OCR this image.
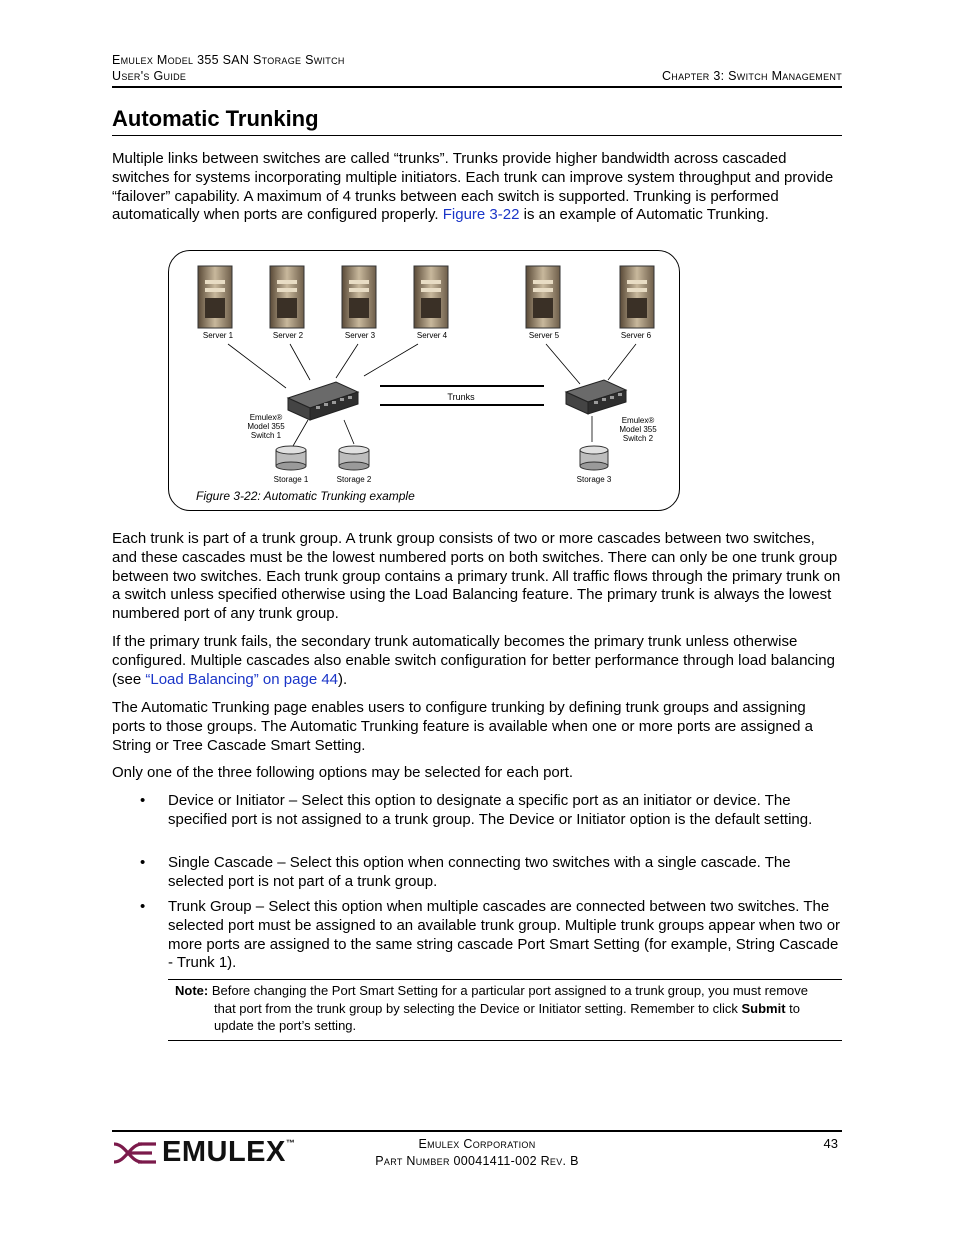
Emulex Model 355 SAN Storage Switch
User's Guide	Chapter 3: Switch Management
Automatic Trunking

Multiple links between switches are called “trunks”. Trunks provide higher bandwidth across cascaded switches for systems incorporating multiple initiators. Each trunk can improve system throughput and provide “failover” capability. A maximum of 4 trunks between each switch is supported. Trunking is performed automatically when ports are configured properly. Figure 3-22 is an example of Automatic Trunking.

Server 1	Server 2	Server 3	Server 4	Server 5	Server 6
Trunks
Emulex®
Model 355
Switch 1
Emulex®
Model 355
Switch 2
Storage 1	Storage 2	Storage 3
Figure 3-22: Automatic Trunking example

Each trunk is part of a trunk group. A trunk group consists of two or more cascades between two switches, and these cascades must be the lowest numbered ports on both switches. There can only be one trunk group between two switches. Each trunk group contains a primary trunk. All traffic flows through the primary trunk on a switch unless specified otherwise using the Load Balancing feature. The primary trunk is always the lowest numbered port of any trunk group.

If the primary trunk fails, the secondary trunk automatically becomes the primary trunk unless otherwise configured. Multiple cascades also enable switch configuration for better performance through load balancing (see “Load Balancing” on page 44).

The Automatic Trunking page enables users to configure trunking by defining trunk groups and assigning ports to those groups. The Automatic Trunking feature is available when one or more ports are assigned a String or Tree Cascade Smart Setting.

Only one of the three following options may be selected for each port.

• Device or Initiator – Select this option to designate a specific port as an initiator or device. The specified port is not assigned to a trunk group. The Device or Initiator option is the default setting.

• Single Cascade – Select this option when connecting two switches with a single cascade. The selected port is not part of a trunk group.

• Trunk Group – Select this option when multiple cascades are connected between two switches. The selected port must be assigned to an available trunk group. Multiple trunk groups appear when two or more ports are assigned to the same string cascade Port Smart Setting (for example, String Cascade - Trunk 1).

Note: Before changing the Port Smart Setting for a particular port assigned to a trunk group, you must remove that port from the trunk group by selecting the Device or Initiator setting. Remember to click Submit to update the port’s setting.
EMULEX™	Emulex Corporation
Part Number 00041411-002 Rev. B
43
